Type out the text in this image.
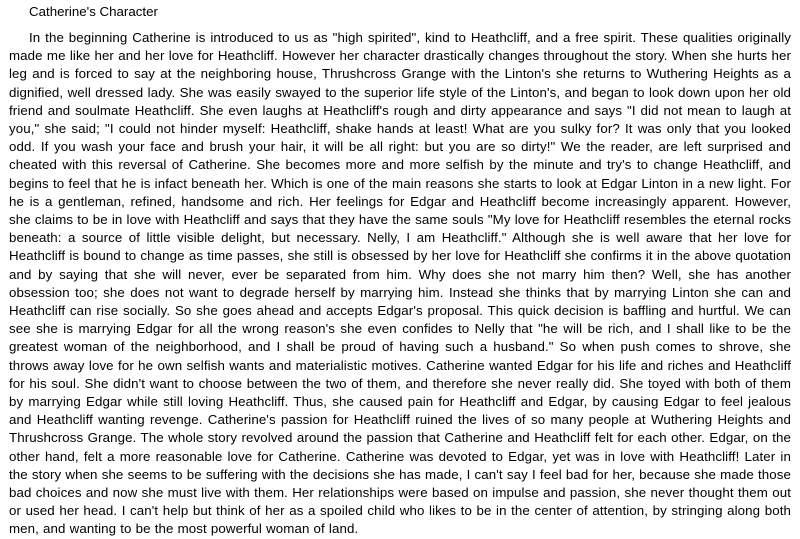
Catherine's Character

In the beginning Catherine is introduced to us as "high spirited", kind to Heathcliff, and a free spirit. These qualities originally made me like her and her love for Heathcliff. However her character drastically changes throughout the story. When she hurts her leg and is forced to say at the neighboring house, Thrushcross Grange with the Linton's she returns to Wuthering Heights as a dignified, well dressed lady. She was easily swayed to the superior life style of the Linton's, and began to look down upon her old friend and soulmate Heathcliff. She even laughs at Heathcliff's rough and dirty appearance and says "I did not mean to laugh at you," she said; "I could not hinder myself: Heathcliff, shake hands at least! What are you sulky for? It was only that you looked odd. If you wash your face and brush your hair, it will be all right: but you are so dirty!" We the reader, are left surprised and cheated with this reversal of Catherine. She becomes more and more selfish by the minute and try's to change Heathcliff, and begins to feel that he is infact beneath her. Which is one of the main reasons she starts to look at Edgar Linton in a new light. For he is a gentleman, refined, handsome and rich. Her feelings for Edgar and Heathcliff become increasingly apparent. However, she claims to be in love with Heathcliff and says that they have the same souls "My love for Heathcliff resembles the eternal rocks beneath: a source of little visible delight, but necessary. Nelly, I am Heathcliff." Although she is well aware that her love for Heathcliff is bound to change as time passes, she still is obsessed by her love for Heathcliff she confirms it in the above quotation and by saying that she will never, ever be separated from him. Why does she not marry him then? Well, she has another obsession too; she does not want to degrade herself by marrying him. Instead she thinks that by marrying Linton she can and Heathcliff can rise socially. So she goes ahead and accepts Edgar's proposal. This quick decision is baffling and hurtful. We can see she is marrying Edgar for all the wrong reason's she even confides to Nelly that "he will be rich, and I shall like to be the greatest woman of the neighborhood, and I shall be proud of having such a husband." So when push comes to shrove, she throws away love for he own selfish wants and materialistic motives. Catherine wanted Edgar for his life and riches and Heathcliff for his soul. She didn't want to choose between the two of them, and therefore she never really did. She toyed with both of them by marrying Edgar while still loving Heathcliff. Thus, she caused pain for Heathcliff and Edgar, by causing Edgar to feel jealous and Heathcliff wanting revenge. Catherine's passion for Heathcliff ruined the lives of so many people at Wuthering Heights and Thrushcross Grange. The whole story revolved around the passion that Catherine and Heathcliff felt for each other. Edgar, on the other hand, felt a more reasonable love for Catherine. Catherine was devoted to Edgar, yet was in love with Heathcliff! Later in the story when she seems to be suffering with the decisions she has made, I can't say I feel bad for her, because she made those bad choices and now she must live with them. Her relationships were based on impulse and passion, she never thought them out or used her head. I can't help but think of her as a spoiled child who likes to be in the center of attention, by stringing along both men, and wanting to be the most powerful woman of land.
